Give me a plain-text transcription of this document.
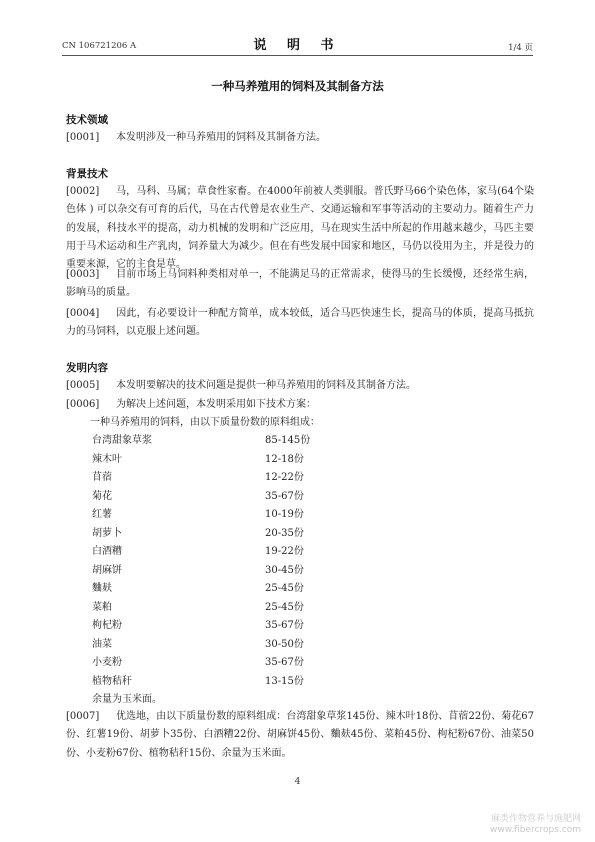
CN 106721206 A	说 明 书	1/4 页
一种马养殖用的饲料及其制备方法
技术领域
[0001] 本发明涉及一种马养殖用的饲料及其制备方法。
背景技术
[0002] 马，马科、马属；草食性家畜。在4000年前被人类驯服。普氏野马66个染色体，家马(64个染色体 ) 可以杂交有可育的后代，马在古代曾是农业生产、交通运输和军事等活动的主要动力。随着生产力的发展，科技水平的提高，动力机械的发明和广泛应用，马在现实生活中所起的作用越来越少，马匹主要用于马术运动和生产乳肉，饲养量大为减少。但在有些发展中国家和地区，马仍以役用为主，并是役力的重要来源，它的主食是草。
[0003] 目前市场上马饲料种类相对单一，不能满足马的正常需求，使得马的生长缓慢，还经常生病，影响马的质量。
[0004] 因此，有必要设计一种配方简单，成本较低，适合马匹快速生长，提高马的体质，提高马抵抗力的马饲料，以克服上述问题。
发明内容
[0005] 本发明要解决的技术问题是提供一种马养殖用的饲料及其制备方法。
[0006] 为解决上述问题，本发明采用如下技术方案：
一种马养殖用的饲料，由以下质量份数的原料组成：
台湾甜象草浆	85-145份
辣木叶	12-18份
苜蓿	12-22份
菊花	35-67份
红薯	10-19份
胡萝卜	20-35份
白酒糟	19-22份
胡麻饼	30-45份
麯麸	25-45份
菜粕	25-45份
枸杞粉	35-67份
油菜	30-50份
小麦粉	35-67份
植物秸秆	13-15份
余量为玉米面。
[0007] 优选地，由以下质量份数的原料组成：台湾甜象草浆145份、辣木叶18份、苜蓿22份、菊花67份、红薯19份、胡萝卜35份、白酒糟22份、胡麻饼45份、麯麸45份、菜粕45份、枸杞粉67份、油菜50份、小麦粉67份、植物秸秆15份、余量为玉米面。
4
麻类作物营养与施肥网
www.fibercrops.com
